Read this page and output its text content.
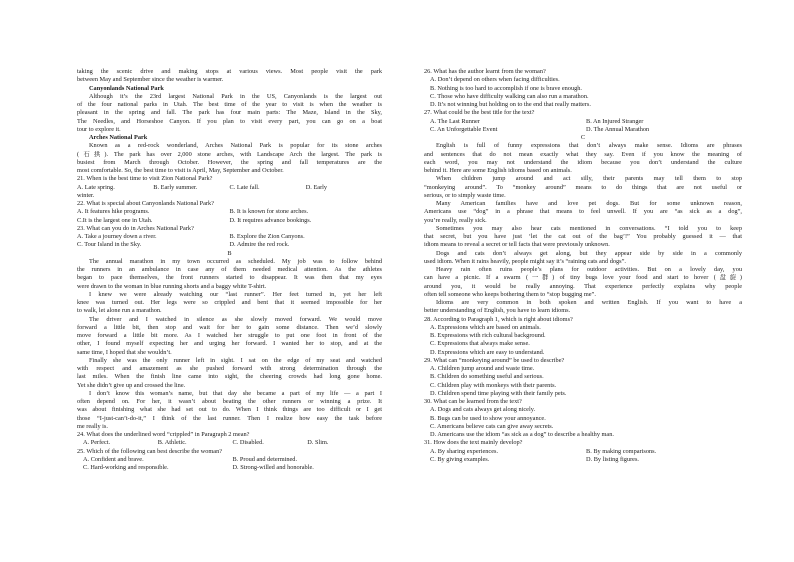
taking the scenic drive and making stops at various views. Most people visit the park
between May and September since the weather is warmer.
Canyonlands National Park
Although it’s the 23rd largest National Park in the US, Canyonlands is the largest out
of the four national parks in Utah. The best time of the year to visit is when the weather is
pleasant in the spring and fall. The park has four main parts: The Maze, Island in the Sky,
The Needles, and Horseshoe Canyon. If you plan to visit every part, you can go on a boat
tour to explore it.
Arches National Park
Known as a red-rock wonderland, Arches National Park is popular for its stone arches
(石拱). The park has over 2,000 stone arches, with Landscape Arch the largest. The park is
busiest from March through October. However, the spring and fall temperatures are the
most comfortable. So, the best time to visit is April, May, September and October.
21. When is the best time to visit Zion National Park?
A. Late spring.	B. Early summer.	C. Late fall.	D. Early
winter.
22. What is special about Canyonlands National Park?
A. It features hike programs.	B. It is known for stone arches.
C.It is the largest one in Utah.	D. It requires advance bookings.
23. What can you do in Arches National Park?
A. Take a journey down a river.	B. Explore the Zion Canyons.
C. Tour Island in the Sky.	D. Admire the red rock.
B
The annual marathon in my town occurred as scheduled. My job was to follow behind
the runners in an ambulance in case any of them needed medical attention. As the athletes
began to pace themselves, the front runners started to disappear. It was then that my eyes
were drawn to the woman in blue running shorts and a baggy white T-shirt.
I knew we were already watching our “last runner”. Her feet turned in, yet her left
knee was turned out. Her legs were so crippled and bent that it seemed impossible for her
to walk, let alone run a marathon.
The driver and I watched in silence as she slowly moved forward. We would move
forward a little bit, then stop and wait for her to gain some distance. Then we’d slowly
move forward a little bit more. As I watched her struggle to put one foot in front of the
other, I found myself expecting her and urging her forward. I wanted her to stop, and at the
same time, I hoped that she wouldn’t.
Finally she was the only runner left in sight. I sat on the edge of my seat and watched
with respect and amazement as she pushed forward with strong determination through the
last miles. When the finish line came into sight, the cheering crowds had long gone home.
Yet she didn’t give up and crossed the line.
I don’t know this woman’s name, but that day she became a part of my life — a part I
often depend on. For her, it wasn’t about beating the other runners or winning a prize. It
was about finishing what she had set out to do. When I think things are too difficult or I get
those “I-just-can’t-do-it,” I think of the last runner. Then I realize how easy the task before
me really is.
24. What does the underlined word “crippled” in Paragraph 2 mean?
A. Perfect.	B. Athletic.	C. Disabled.	D. Slim.
25. Which of the following can best describe the woman?
A. Confident and brave.	B. Proud and determined.
C. Hard-working and responsible.	D. Strong-willed and honorable.
26. What has the author learnt from the woman?
A. Don’t depend on others when facing difficulties.
B. Nothing is too hard to accomplish if one is brave enough.
C. Those who have difficulty walking can also run a marathon.
D. It’s not winning but holding on to the end that really matters.
27. What could be the best title for the text?
A. The Last Runner	B. An Injured Stranger
C. An Unforgettable Event	D. The Annual Marathon
C
English is full of funny expressions that don’t always make sense. Idioms are phrases
and sentences that do not mean exactly what they say. Even if you know the meaning of
each word, you may not understand the idiom because you don’t understand the culture
behind it. Here are some English idioms based on animals.
When children jump around and act silly, their parents may tell them to stop
“monkeying around”. To “monkey around” means to do things that are not useful or
serious, or to simply waste time.
Many American families have and love pet dogs. But for some unknown reason,
Americans use “dog” in a phrase that means to feel unwell. If you are “as sick as a dog”,
you’re really, really sick.
Sometimes you may also hear cats mentioned in conversations. “I told you to keep
that secret, but you have just ‘let the cat out of the bag’!” You probably guessed it — that
idiom means to reveal a secret or tell facts that were previously unknown.
Dogs and cats don’t always get along, but they appear side by side in a commonly
used idiom. When it rains heavily, people might say it’s “raining cats and dogs”.
Heavy rain often ruins people’s plans for outdoor activities. But on a lovely day, you
can have a picnic. If a swarm (一群) of tiny bugs love your food and start to hover (盘旋)
around you, it would be really annoying. That experience perfectly explains why people
often tell someone who keeps bothering them to “stop bugging me”.
Idioms are very common in both spoken and written English. If you want to have a
better understanding of English, you have to learn idioms.
28. According to Paragraph 1, which is right about idioms?
A. Expressions which are based on animals.
B. Expressions with rich cultural background.
C. Expressions that always make sense.
D. Expressions which are easy to understand.
29. What can “monkeying around” be used to describe?
A. Children jump around and waste time.
B. Children do something useful and serious.
C. Children play with monkeys with their parents.
D. Children spend time playing with their family pets.
30. What can be learned from the text?
A. Dogs and cats always get along nicely.
B. Bugs can be used to show your annoyance.
C. Americans believe cats can give away secrets.
D. Americans use the idiom “as sick as a dog” to describe a healthy man.
31. How does the text mainly develop?
A. By sharing experiences.	B. By making comparisons.
C. By giving examples.	D. By listing figures.
